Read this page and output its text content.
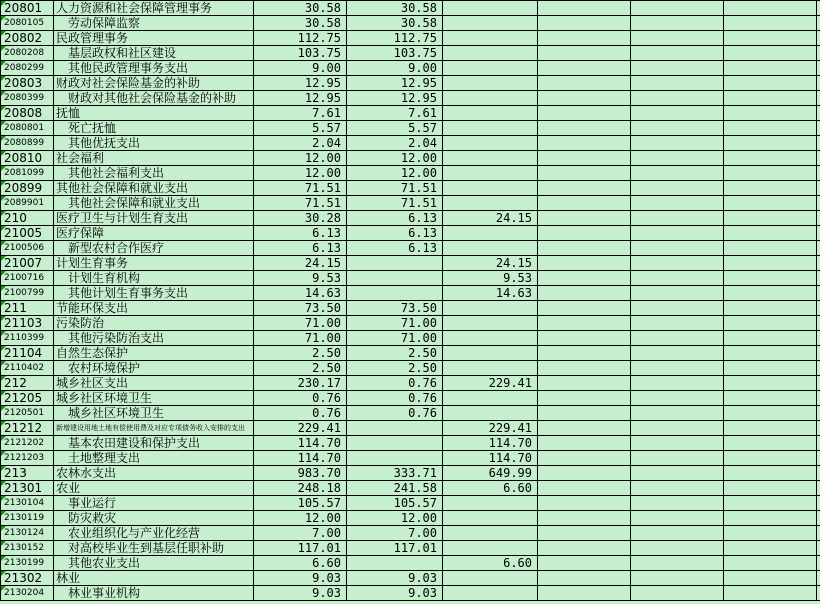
20801	人力资源和社会保障管理事务	30.58	30.58					
2080105	劳动保障监察	30.58	30.58					
20802	民政管理事务	112.75	112.75					
2080208	基层政权和社区建设	103.75	103.75					
2080299	其他民政管理事务支出	9.00	9.00					
20803	财政对社会保险基金的补助	12.95	12.95					
2080399	财政对其他社会保险基金的补助	12.95	12.95					
20808	抚恤	7.61	7.61					
2080801	死亡抚恤	5.57	5.57					
2080899	其他优抚支出	2.04	2.04					
20810	社会福利	12.00	12.00					
2081099	其他社会福利支出	12.00	12.00					
20899	其他社会保障和就业支出	71.51	71.51					
2089901	其他社会保障和就业支出	71.51	71.51					
210	医疗卫生与计划生育支出	30.28	6.13	24.15				
21005	医疗保障	6.13	6.13					
2100506	新型农村合作医疗	6.13	6.13					
21007	计划生育事务	24.15		24.15				
2100716	计划生育机构	9.53		9.53				
2100799	其他计划生育事务支出	14.63		14.63				
211	节能环保支出	73.50	73.50					
21103	污染防治	71.00	71.00					
2110399	其他污染防治支出	71.00	71.00					
21104	自然生态保护	2.50	2.50					
2110402	农村环境保护	2.50	2.50					
212	城乡社区支出	230.17	0.76	229.41				
21205	城乡社区环境卫生	0.76	0.76					
2120501	城乡社区环境卫生	0.76	0.76					
21212	新增建设用地土地有偿使用费及对应专项债务收入安排的支出	229.41		229.41				
2121202	基本农田建设和保护支出	114.70		114.70				
2121203	土地整理支出	114.70		114.70				
213	农林水支出	983.70	333.71	649.99				
21301	农业	248.18	241.58	6.60				
2130104	事业运行	105.57	105.57					
2130119	防灾救灾	12.00	12.00					
2130124	农业组织化与产业化经营	7.00	7.00					
2130152	对高校毕业生到基层任职补助	117.01	117.01					
2130199	其他农业支出	6.60		6.60				
21302	林业	9.03	9.03					
2130204	林业事业机构	9.03	9.03					
